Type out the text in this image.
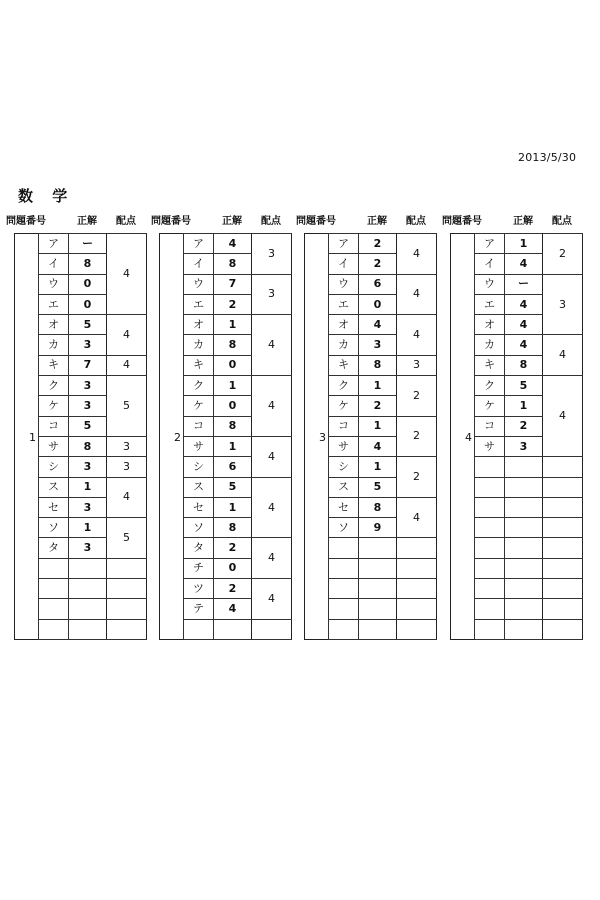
2013/5/30
数 学
問題番号	正解	配点
1	ア	ー	4
	イ	8	
	ウ	0	
	エ	0	
	オ	5	4
	カ	3	
	キ	7	4
	ク	3	5
	ケ	3	
	コ	5	
	サ	8	3
	シ	3	3
	ス	1	4
	セ	3	
	ソ	1	5
	タ	3	

問題番号	正解	配点
2	ア	4	3
	イ	8	
	ウ	7	3
	エ	2	
	オ	1	4
	カ	8	
	キ	0	
	ク	1	4
	ケ	0	
	コ	8	
	サ	1	4
	シ	6	
	ス	5	4
	セ	1	
	ソ	8	
	タ	2	4
	チ	0	
	ツ	2	4
	テ	4	

問題番号	正解	配点
3	ア	2	4
	イ	2	
	ウ	6	4
	エ	0	
	オ	4	4
	カ	3	
	キ	8	3
	ク	1	2
	ケ	2	
	コ	1	2
	サ	4	
	シ	1	2
	ス	5	
	セ	8	4
	ソ	9	

問題番号	正解	配点
4	ア	1	2
	イ	4	
	ウ	ー	3
	エ	4	
	オ	4	
	カ	4	4
	キ	8	
	ク	5	4
	ケ	1	
	コ	2	
	サ	3	
